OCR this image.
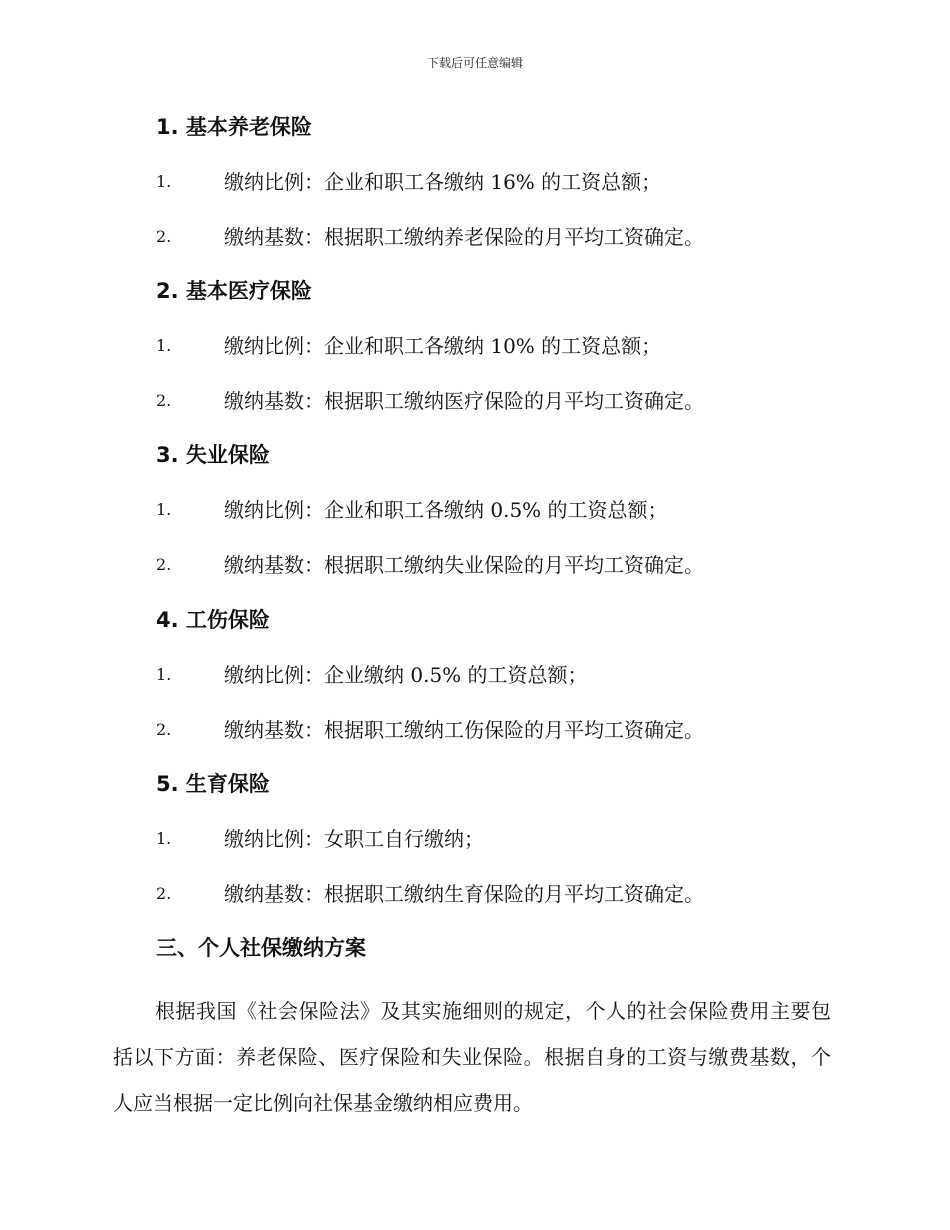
下载后可任意编辑
1. 基本养老保险
1.	缴纳比例：企业和职工各缴纳 16% 的工资总额；
2.	缴纳基数：根据职工缴纳养老保险的月平均工资确定。
2. 基本医疗保险
1.	缴纳比例：企业和职工各缴纳 10% 的工资总额；
2.	缴纳基数：根据职工缴纳医疗保险的月平均工资确定。
3. 失业保险
1.	缴纳比例：企业和职工各缴纳 0.5% 的工资总额；
2.	缴纳基数：根据职工缴纳失业保险的月平均工资确定。
4. 工伤保险
1.	缴纳比例：企业缴纳 0.5% 的工资总额；
2.	缴纳基数：根据职工缴纳工伤保险的月平均工资确定。
5. 生育保险
1.	缴纳比例：女职工自行缴纳；
2.	缴纳基数：根据职工缴纳生育保险的月平均工资确定。
三、个人社保缴纳方案

根据我国《社会保险法》及其实施细则的规定，个人的社会保险费用主要包括以下方面：养老保险、医疗保险和失业保险。根据自身的工资与缴费基数，个人应当根据一定比例向社保基金缴纳相应费用。
